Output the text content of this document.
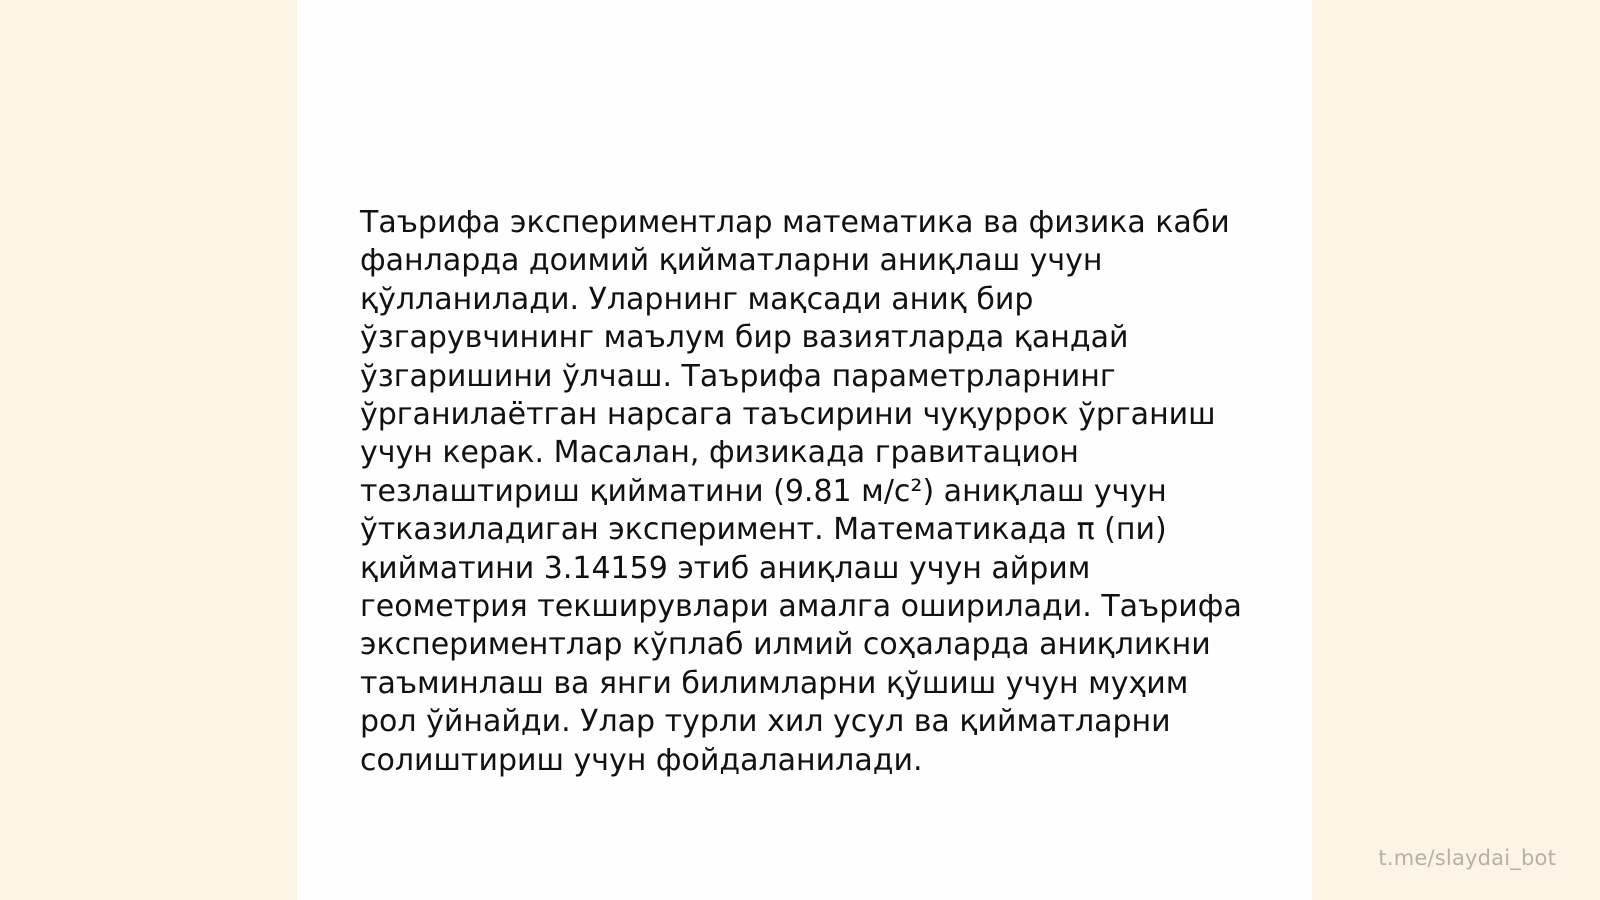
Таърифа экспериментлар математика ва физика каби
фанларда доимий қийматларни аниқлаш учун
қўлланилади. Уларнинг мақсади аниқ бир
ўзгарувчининг маълум бир вазиятларда қандай
ўзгаришини ўлчаш. Таърифа параметрларнинг
ўрганилаётган нарсага таъсирини чуқуррок ўрганиш
учун керак. Масалан, физикада гравитацион
тезлаштириш қийматини (9.81 м/с²) аниқлаш учун
ўтказиладиган эксперимент. Математикада π (пи)
қийматини 3.14159 этиб аниқлаш учун айрим
геометрия текширувлари амалга оширилади. Таърифа
экспериментлар кўплаб илмий соҳаларда аниқликни
таъминлаш ва янги билимларни қўшиш учун муҳим
рол ўйнайди. Улар турли хил усул ва қийматларни
солиштириш учун фойдаланилади.

t.me/slaydai_bot
